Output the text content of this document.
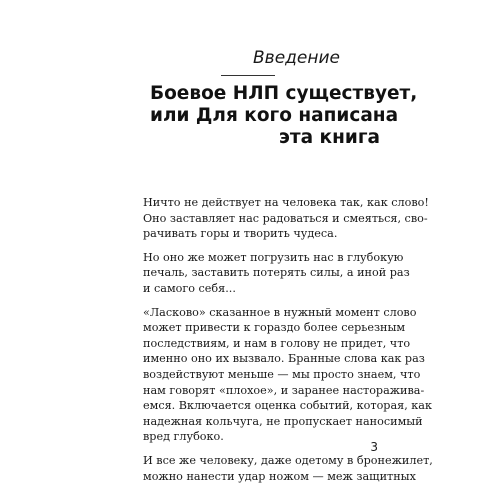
Введение
Боевое НЛП существует,
или Для кого написана
эта книга

Ничто не действует на человека так, как слово!
Оно заставляет нас радоваться и смеяться, сво-
рачивать горы и творить чудеса.

Но оно же может погрузить нас в глубокую
печаль, заставить потерять силы, а иной раз
и самого себя...

«Ласково» сказанное в нужный момент слово
может привести к гораздо более серьезным
последствиям, и нам в голову не придет, что
именно оно их вызвало. Бранные слова как раз
воздействуют меньше — мы просто знаем, что
нам говорят «плохое», и заранее насторажива-
емся. Включается оценка событий, которая, как
надежная кольчуга, не пропускает наносимый
вред глубоко.

И все же человеку, даже одетому в бронежилет,
можно нанести удар ножом — меж защитных

3
